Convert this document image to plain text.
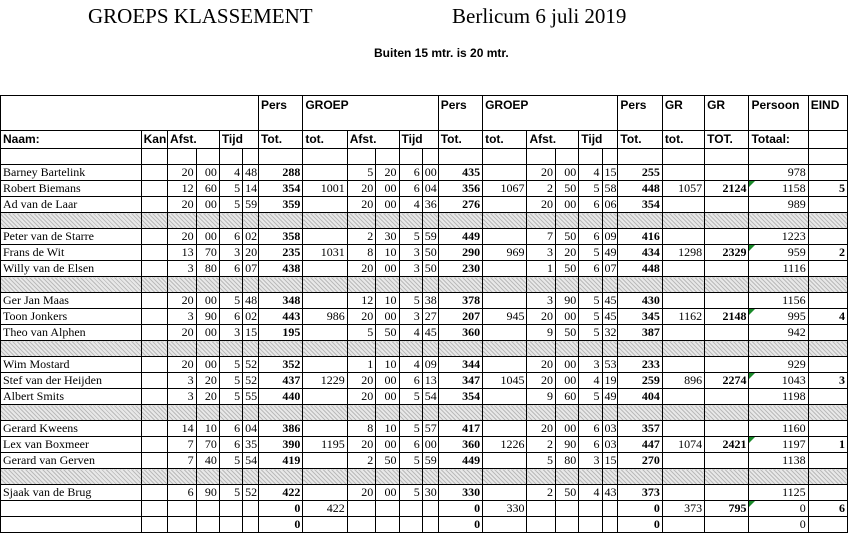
GROEPS KLASSEMENT	Berlicum 6 juli 2019
Buiten 15 mtr. is 20 mtr.
						Pers	GROEP					Pers	GROEP					Pers	GR	GR	Persoon	EIND
Naam:	Kan	Afst.		Tijd		Tot.	tot.	Afst.		Tijd		Tot.	tot.	Afst.		Tijd		Tot.	tot.	TOT.	Totaal:	

Barney Bartelink		20	00	4	48	288		5	20	6	00	435		20	00	4	15	255			978	
Robert Biemans		12	60	5	14	354	1001	20	00	6	04	356	1067	2	50	5	58	448	1057	2124	1158	5
Ad van de Laar		20	00	5	59	359		20	00	4	36	276		20	00	6	06	354			989	

Peter van de Starre		20	00	6	02	358		2	30	5	59	449		7	50	6	09	416			1223	
Frans de Wit		13	70	3	20	235	1031	8	10	3	50	290	969	3	20	5	49	434	1298	2329	959	2
Willy van de Elsen		3	80	6	07	438		20	00	3	50	230		1	50	6	07	448			1116	

Ger Jan Maas		20	00	5	48	348		12	10	5	38	378		3	90	5	45	430			1156	
Toon Jonkers		3	90	6	02	443	986	20	00	3	27	207	945	20	00	5	45	345	1162	2148	995	4
Theo van Alphen		20	00	3	15	195		5	50	4	45	360		9	50	5	32	387			942	

Wim Mostard		20	00	5	52	352		1	10	4	09	344		20	00	3	53	233			929	
Stef van der Heijden		3	20	5	52	437	1229	20	00	6	13	347	1045	20	00	4	19	259	896	2274	1043	3
Albert Smits		3	20	5	55	440		20	00	5	54	354		9	60	5	49	404			1198	

Gerard Kweens		14	10	6	04	386		8	10	5	57	417		20	00	6	03	357			1160	
Lex van Boxmeer		7	70	6	35	390	1195	20	00	6	00	360	1226	2	90	6	03	447	1074	2421	1197	1
Gerard van Gerven		7	40	5	54	419		2	50	5	59	449		5	80	3	15	270			1138	

Sjaak van de Brug		6	90	5	52	422		20	00	5	30	330		2	50	4	43	373			1125	
						0	422					0	330					0	373	795	0	6
						0						0						0			0	
